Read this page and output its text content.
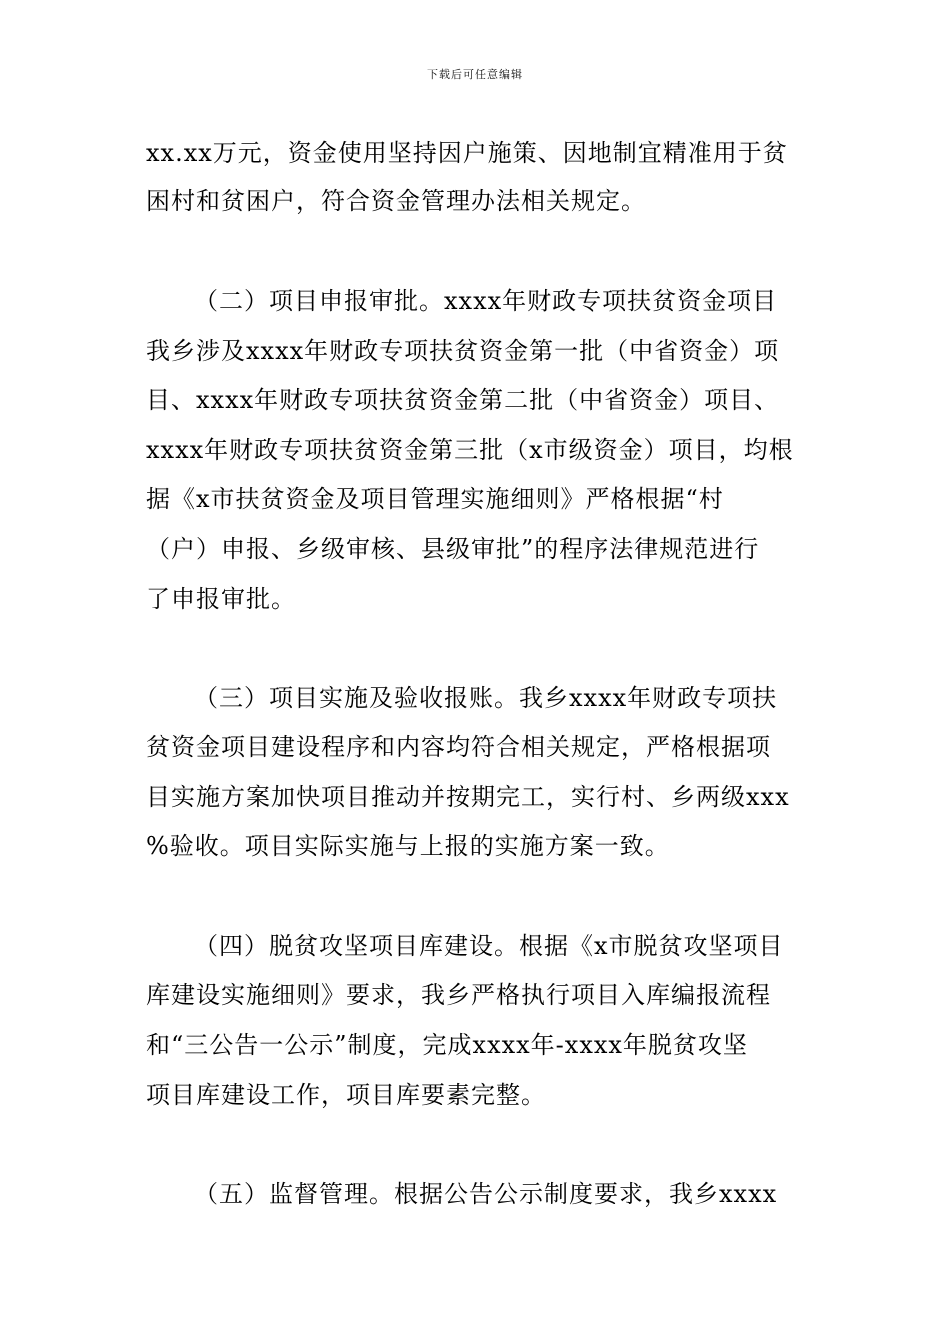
下载后可任意编辑
xx.xx万元，资金使用坚持因户施策、因地制宜精准用于贫
困村和贫困户，符合资金管理办法相关规定。
（二）项目申报审批。xxxx年财政专项扶贫资金项目
我乡涉及xxxx年财政专项扶贫资金第一批（中省资金）项
目、xxxx年财政专项扶贫资金第二批（中省资金）项目、
xxxx年财政专项扶贫资金第三批（x市级资金）项目，均根
据《x市扶贫资金及项目管理实施细则》严格根据“村
（户）申报、乡级审核、县级审批”的程序法律规范进行
了申报审批。
（三）项目实施及验收报账。我乡xxxx年财政专项扶
贫资金项目建设程序和内容均符合相关规定，严格根据项
目实施方案加快项目推动并按期完工，实行村、乡两级xxx
%验收。项目实际实施与上报的实施方案一致。
（四）脱贫攻坚项目库建设。根据《x市脱贫攻坚项目
库建设实施细则》要求，我乡严格执行项目入库编报流程
和“三公告一公示”制度，完成xxxx年-xxxx年脱贫攻坚
项目库建设工作，项目库要素完整。
（五）监督管理。根据公告公示制度要求，我乡xxxx
